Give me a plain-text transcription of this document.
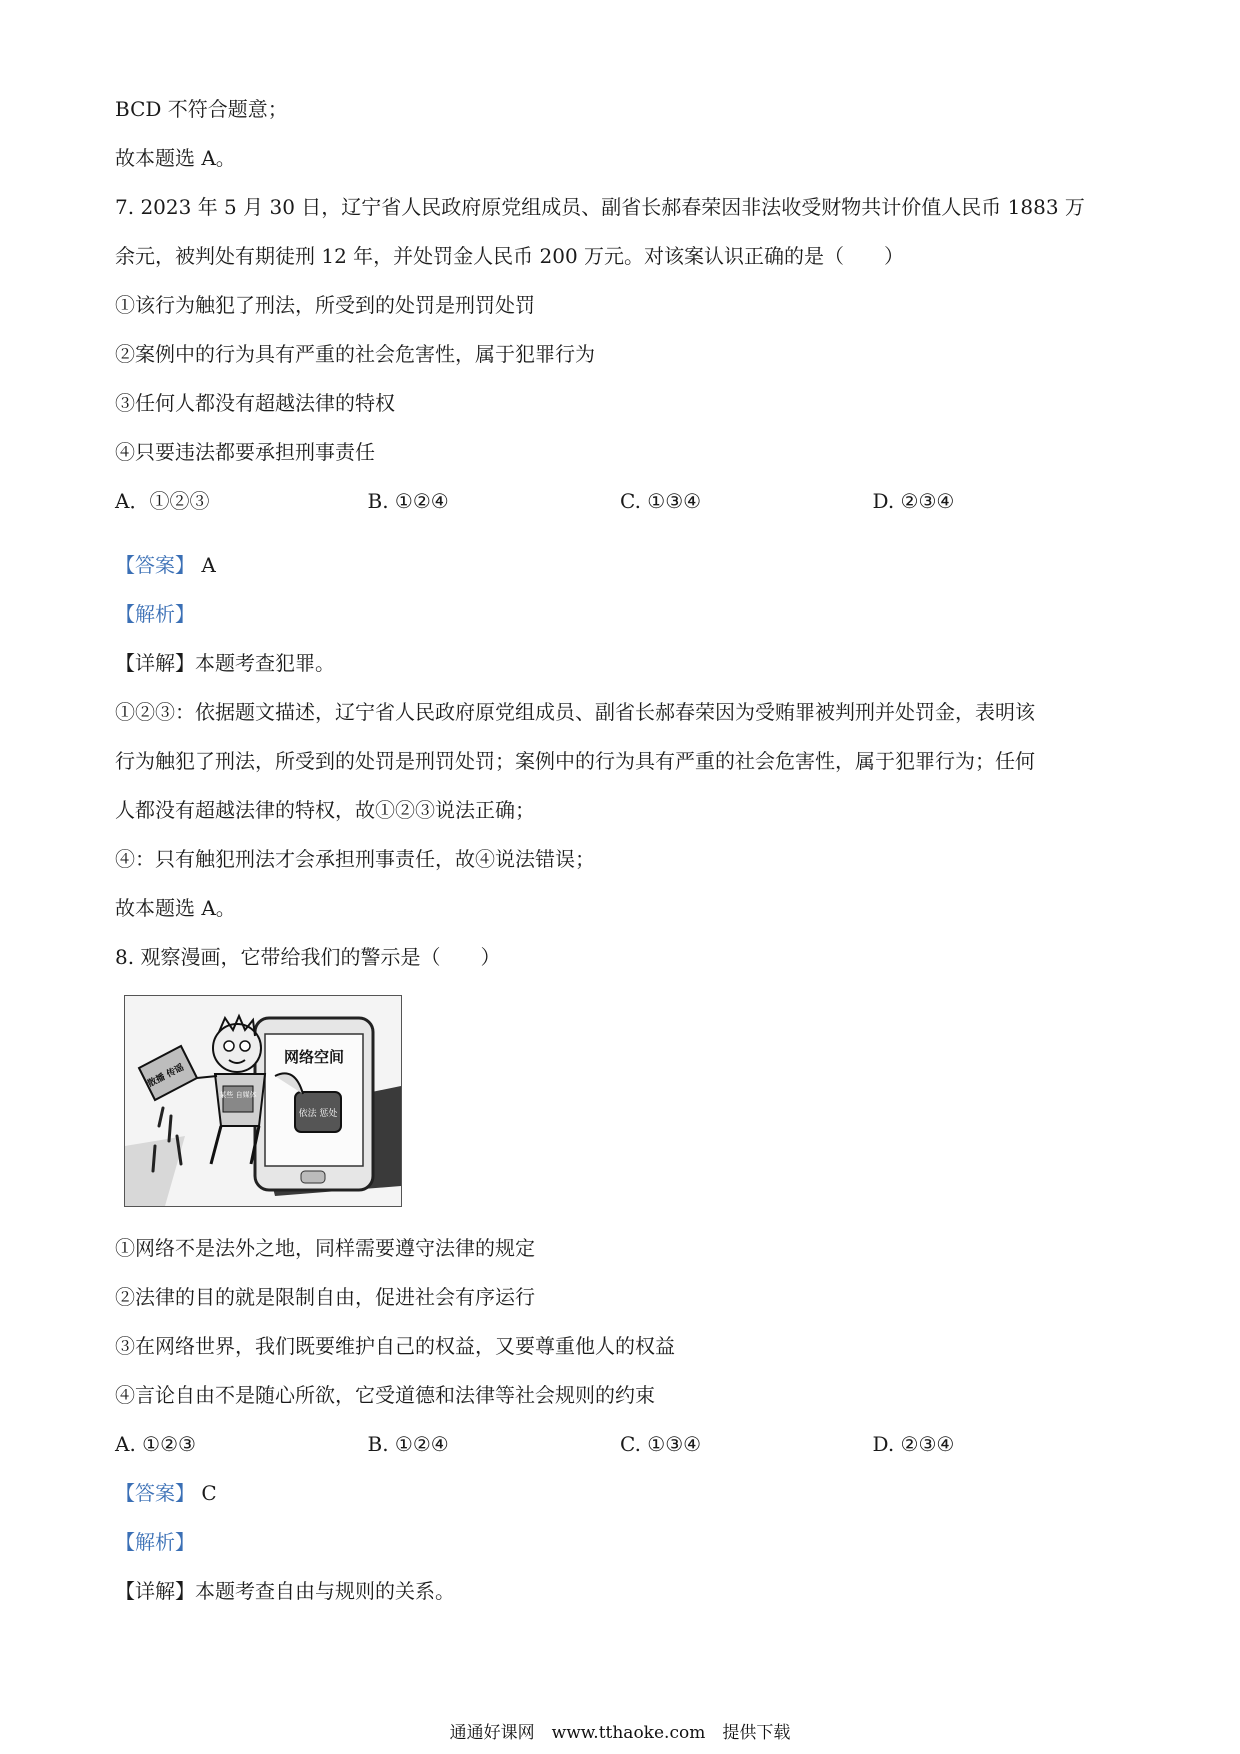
BCD 不符合题意；
故本题选 A。
7. 2023 年 5 月 30 日，辽宁省人民政府原党组成员、副省长郝春荣因非法收受财物共计价值人民币 1883 万
余元，被判处有期徒刑 12 年，并处罚金人民币 200 万元。对该案认识正确的是（　　）
①该行为触犯了刑法，所受到的处罚是刑罚处罚
②案例中的行为具有严重的社会危害性，属于犯罪行为
③任何人都没有超越法律的特权
④只要违法都要承担刑事责任
A．①②③	B. ①②④	C. ①③④	D. ②③④
【答案】 A
【解析】
【详解】本题考查犯罪。
①②③：依据题文描述，辽宁省人民政府原党组成员、副省长郝春荣因为受贿罪被判刑并处罚金，表明该
行为触犯了刑法，所受到的处罚是刑罚处罚；案例中的行为具有严重的社会危害性，属于犯罪行为；任何
人都没有超越法律的特权，故①②③说法正确；
④：只有触犯刑法才会承担刑事责任，故④说法错误；
故本题选 A。
8. 观察漫画，它带给我们的警示是（　　）
网络空间
依法 惩处
某些 自媒体
散播 传谣
①网络不是法外之地，同样需要遵守法律的规定
②法律的目的就是限制自由，促进社会有序运行
③在网络世界，我们既要维护自己的权益，又要尊重他人的权益
④言论自由不是随心所欲，它受道德和法律等社会规则的约束
A. ①②③	B. ①②④	C. ①③④	D. ②③④
【答案】 C
【解析】
【详解】本题考查自由与规则的关系。
通通好课网　www.tthaoke.com　提供下载
